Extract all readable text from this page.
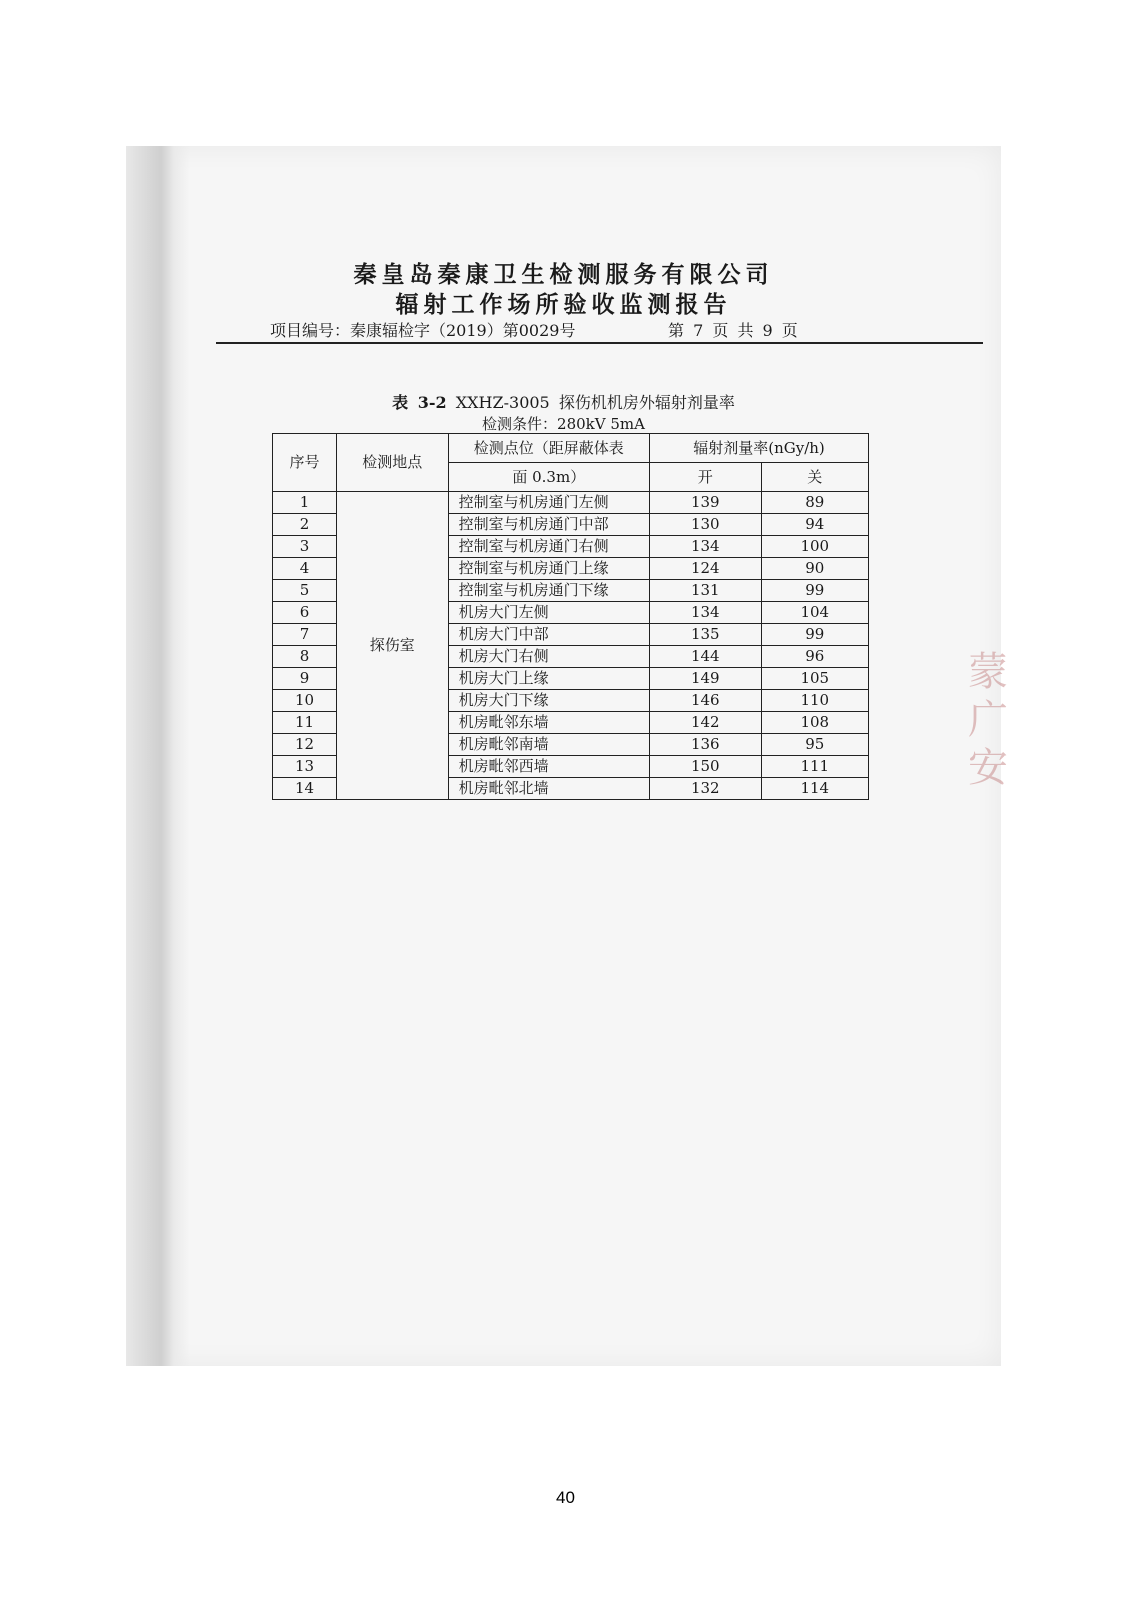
秦皇岛秦康卫生检测服务有限公司
辐射工作场所验收监测报告
项目编号：秦康辐检字（2019）第0029号	第 7 页 共 9 页
表 3-2 XXHZ-3005 探伤机机房外辐射剂量率
检测条件：280kV 5mA
序号	检测地点	检测点位（距屏蔽体表	辐射剂量率(nGy/h)	
		面 0.3m）	开	关
1	探伤室	控制室与机房通门左侧	139	89
2		控制室与机房通门中部	130	94
3		控制室与机房通门右侧	134	100
4		控制室与机房通门上缘	124	90
5		控制室与机房通门下缘	131	99
6		机房大门左侧	134	104
7		机房大门中部	135	99
8		机房大门右侧	144	96
9		机房大门上缘	149	105
10		机房大门下缘	146	110
11		机房毗邻东墙	142	108
12		机房毗邻南墙	136	95
13		机房毗邻西墙	150	111
14		机房毗邻北墙	132	114
蒙
广
安
40
